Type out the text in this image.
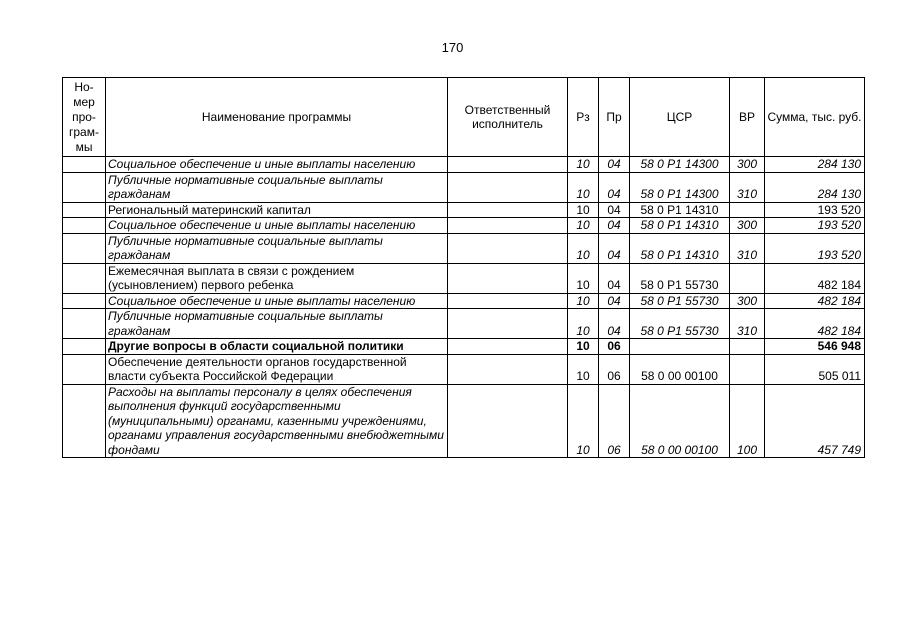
170
Но-
мер
про-
грам-
мы	Наименование программы	Ответственный исполнитель	Рз	Пр	ЦСР	ВР	Сумма, тыс. руб.
	Социальное обеспечение и иные выплаты населению		10	04	58 0 Р1 14300	300	284 130
	Публичные нормативные социальные выплаты гражданам		10	04	58 0 Р1 14300	310	284 130
	Региональный материнский капитал		10	04	58 0 Р1 14310		193 520
	Социальное обеспечение и иные выплаты населению		10	04	58 0 Р1 14310	300	193 520
	Публичные нормативные социальные выплаты гражданам		10	04	58 0 Р1 14310	310	193 520
	Ежемесячная выплата в связи с рождением (усыновлением) первого ребенка		10	04	58 0 Р1 55730		482 184
	Социальное обеспечение и иные выплаты населению		10	04	58 0 Р1 55730	300	482 184
	Публичные нормативные социальные выплаты гражданам		10	04	58 0 Р1 55730	310	482 184
	Другие вопросы в области социальной политики		10	06			546 948
	Обеспечение деятельности органов государственной власти субъекта Российской Федерации		10	06	58 0 00 00100		505 011
	Расходы на выплаты персоналу в целях обеспечения выполнения функций государственными (муниципальными) органами, казенными учреждениями, органами управления государственными внебюджетными фондами		10	06	58 0 00 00100	100	457 749
